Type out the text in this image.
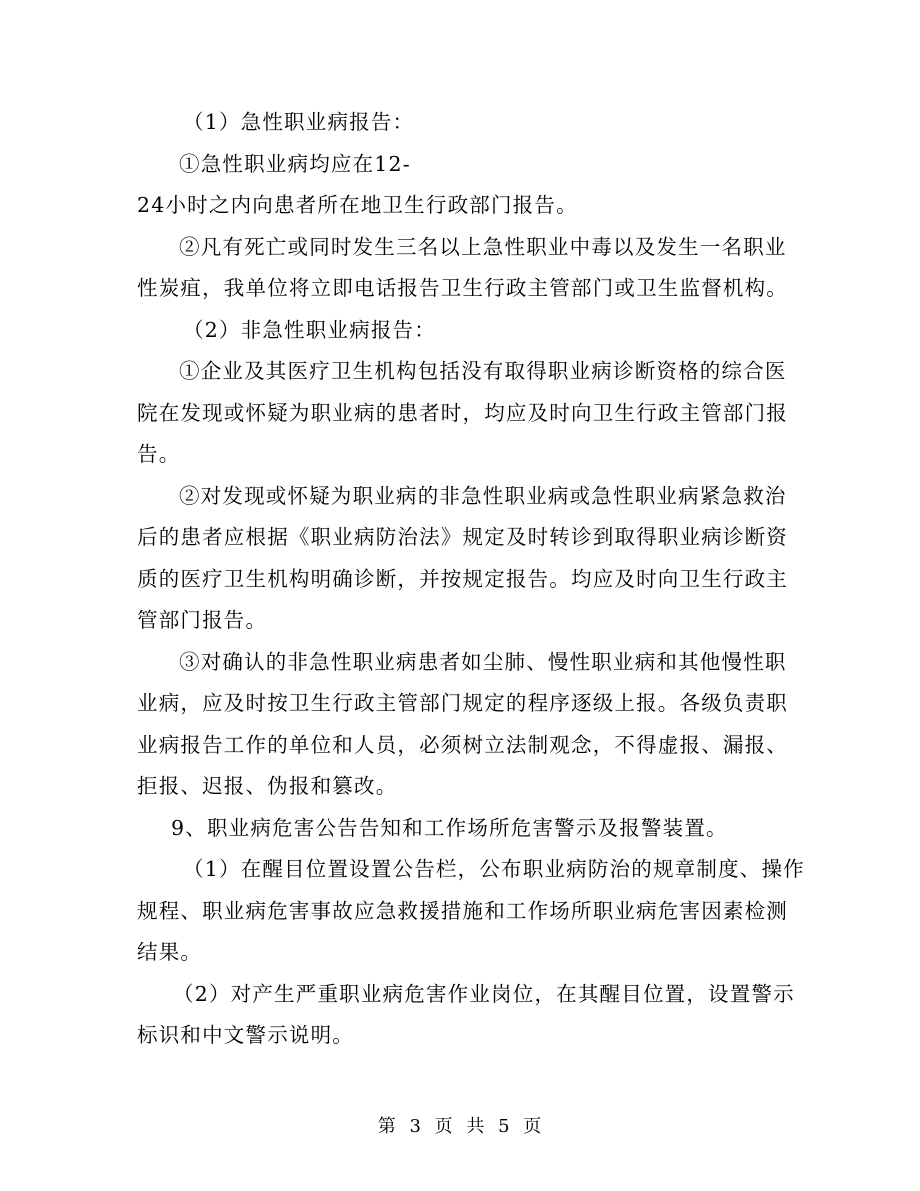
（1）急性职业病报告：

①急性职业病均应在12-
24小时之内向患者所在地卫生行政部门报告。

②凡有死亡或同时发生三名以上急性职业中毒以及发生一名职业
性炭疽，我单位将立即电话报告卫生行政主管部门或卫生监督机构。

（2）非急性职业病报告：

①企业及其医疗卫生机构包括没有取得职业病诊断资格的综合医
院在发现或怀疑为职业病的患者时，均应及时向卫生行政主管部门报
告。

②对发现或怀疑为职业病的非急性职业病或急性职业病紧急救治
后的患者应根据《职业病防治法》规定及时转诊到取得职业病诊断资
质的医疗卫生机构明确诊断，并按规定报告。均应及时向卫生行政主
管部门报告。

③对确认的非急性职业病患者如尘肺、慢性职业病和其他慢性职
业病，应及时按卫生行政主管部门规定的程序逐级上报。各级负责职
业病报告工作的单位和人员，必须树立法制观念，不得虚报、漏报、
拒报、迟报、伪报和篡改。

9、职业病危害公告告知和工作场所危害警示及报警装置。

（1）在醒目位置设置公告栏，公布职业病防治的规章制度、操作
规程、职业病危害事故应急救援措施和工作场所职业病危害因素检测
结果。

（2）对产生严重职业病危害作业岗位，在其醒目位置，设置警示
标识和中文警示说明。

第 3 页 共 5 页
